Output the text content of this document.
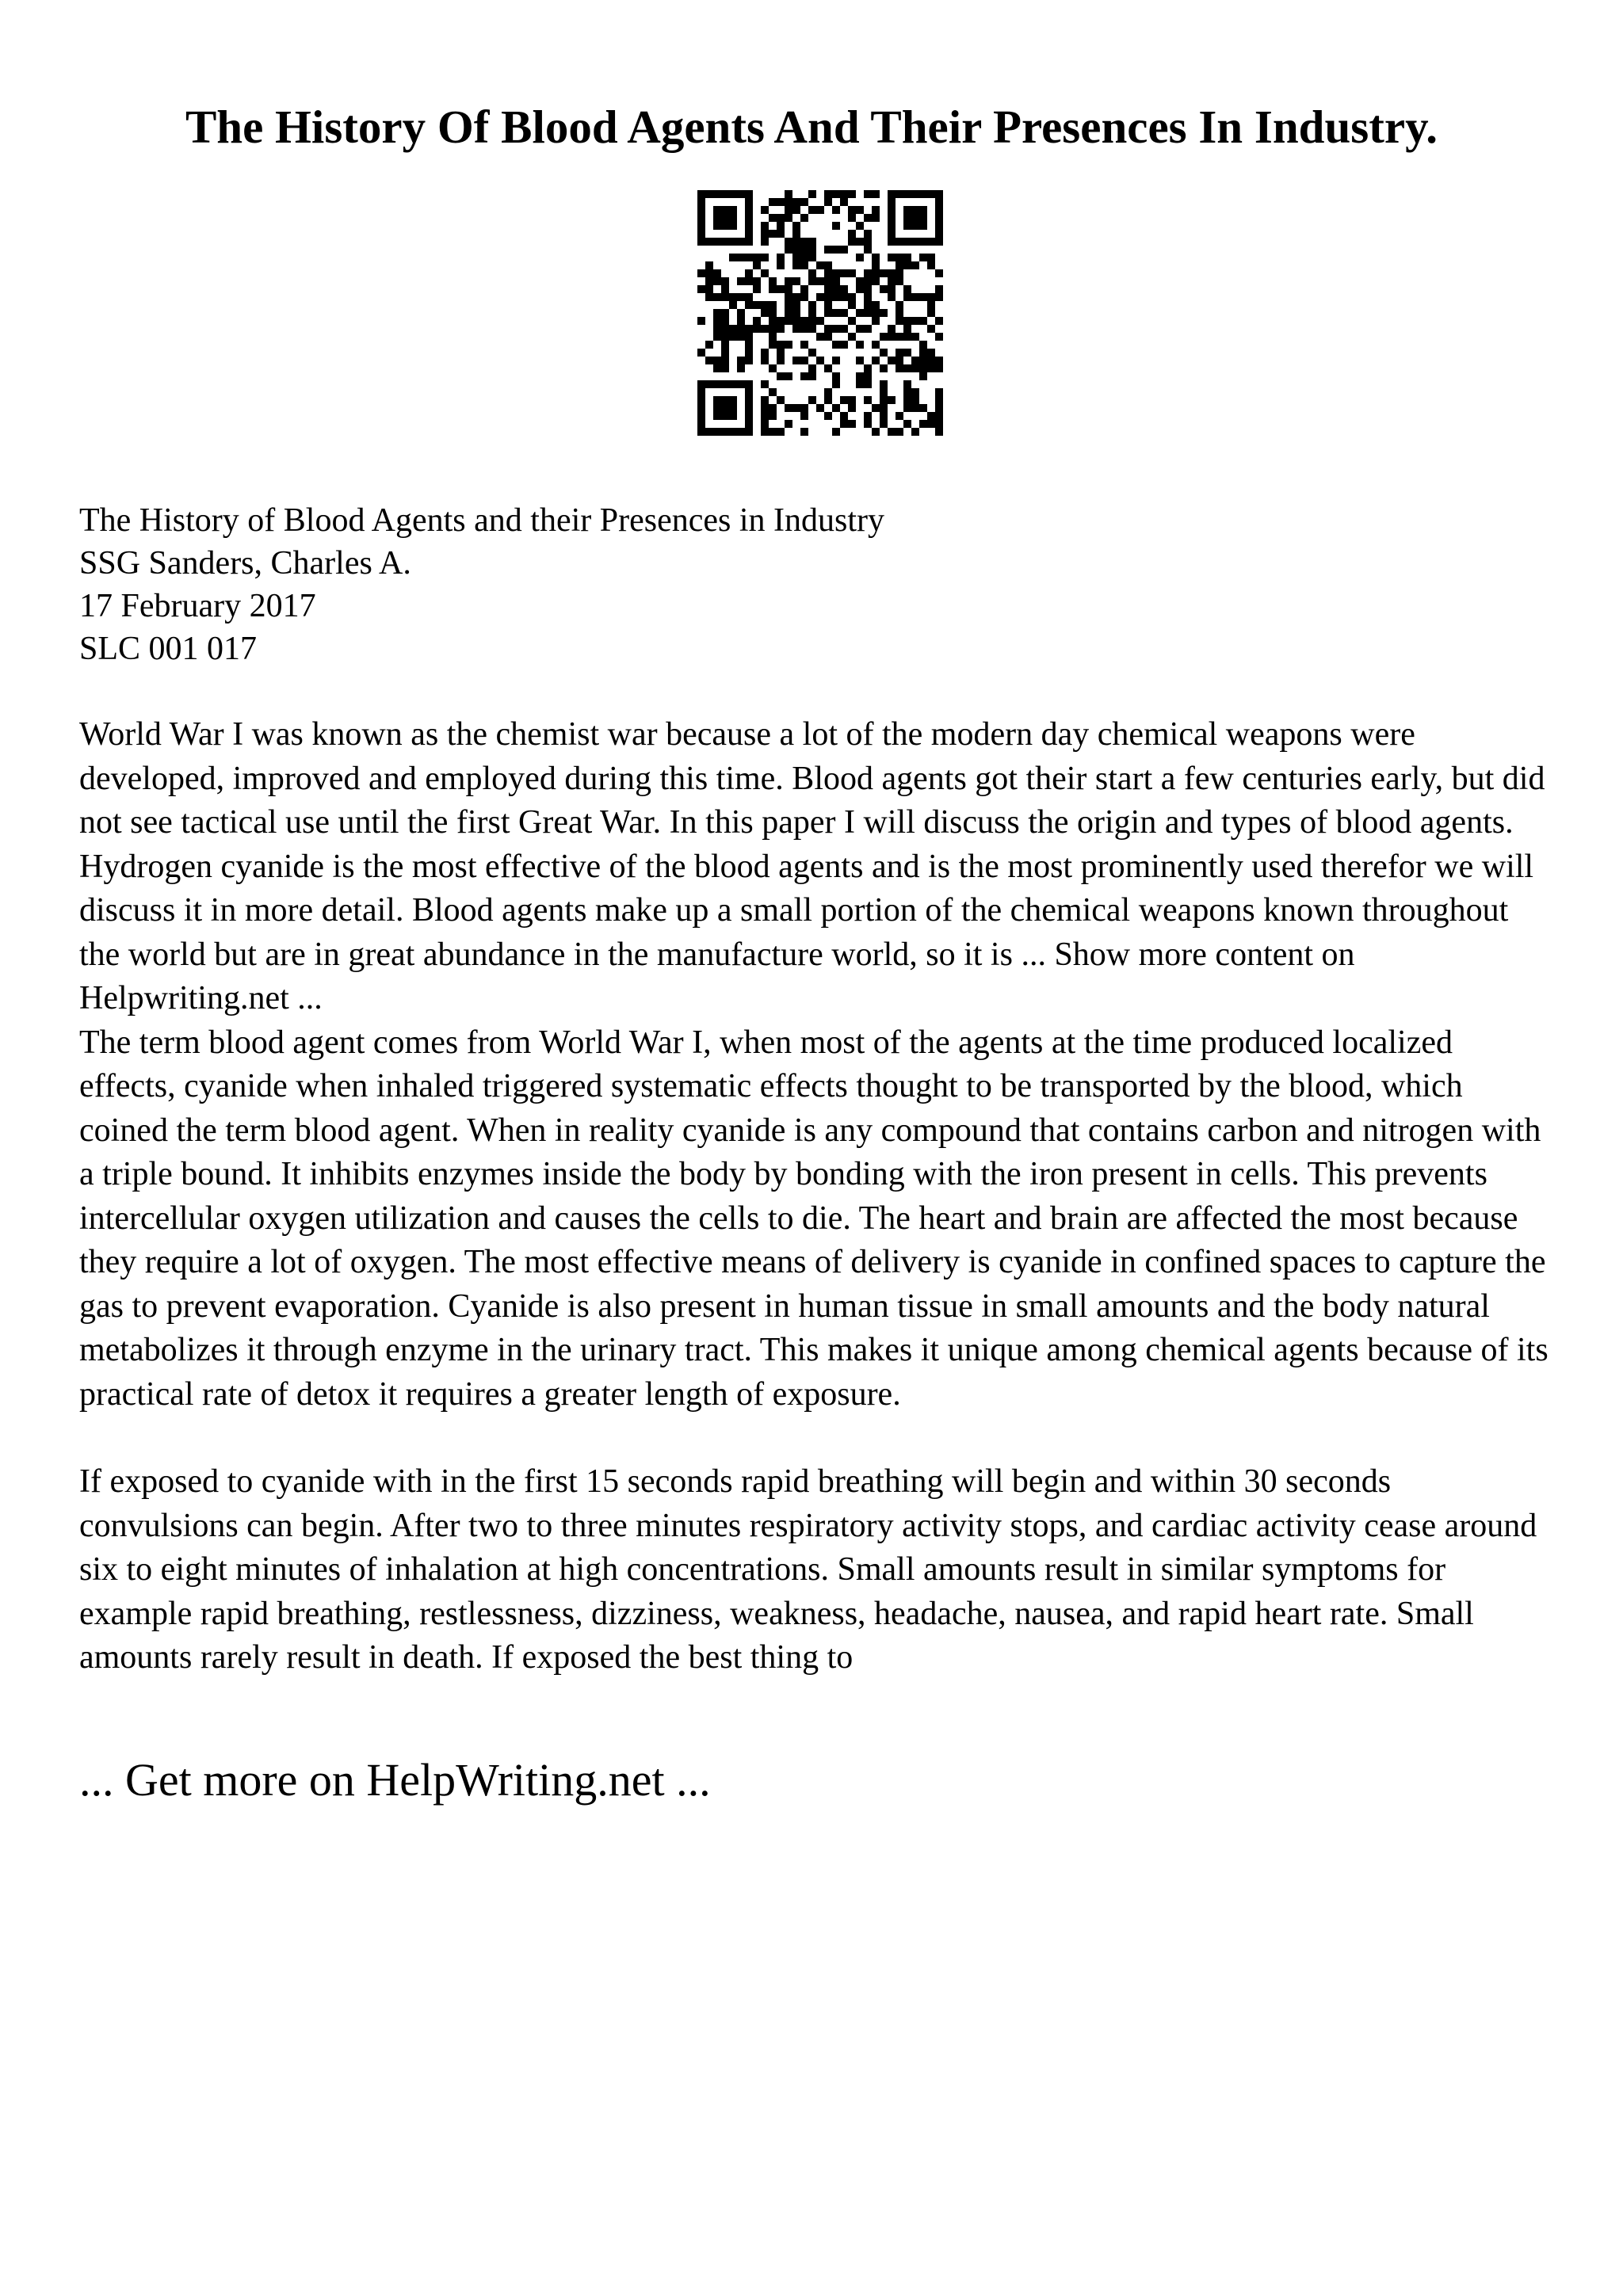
The History Of Blood Agents And Their Presences In Industry.
The History of Blood Agents and their Presences in Industry
SSG Sanders, Charles A.
17 February 2017
SLC 001 017

World War I was known as the chemist war because a lot of the modern day chemical weapons were developed, improved and employed during this time. Blood agents got their start a few centuries early, but did not see tactical use until the first Great War. In this paper I will discuss the origin and types of blood agents. Hydrogen cyanide is the most effective of the blood agents and is the most prominently used therefor we will discuss it in more detail. Blood agents make up a small portion of the chemical weapons known throughout the world but are in great abundance in the manufacture world, so it is ... Show more content on Helpwriting.net ...

The term blood agent comes from World War I, when most of the agents at the time produced localized effects, cyanide when inhaled triggered systematic effects thought to be transported by the blood, which coined the term blood agent. When in reality cyanide is any compound that contains carbon and nitrogen with a triple bound. It inhibits enzymes inside the body by bonding with the iron present in cells. This prevents intercellular oxygen utilization and causes the cells to die. The heart and brain are affected the most because they require a lot of oxygen. The most effective means of delivery is cyanide in confined spaces to capture the gas to prevent evaporation. Cyanide is also present in human tissue in small amounts and the body natural metabolizes it through enzyme in the urinary tract. This makes it unique among chemical agents because of its practical rate of detox it requires a greater length of exposure.

If exposed to cyanide with in the first 15 seconds rapid breathing will begin and within 30 seconds convulsions can begin. After two to three minutes respiratory activity stops, and cardiac activity cease around six to eight minutes of inhalation at high concentrations. Small amounts result in similar symptoms for example rapid breathing, restlessness, dizziness, weakness, headache, nausea, and rapid heart rate. Small amounts rarely result in death. If exposed the best thing to

... Get more on HelpWriting.net ...
